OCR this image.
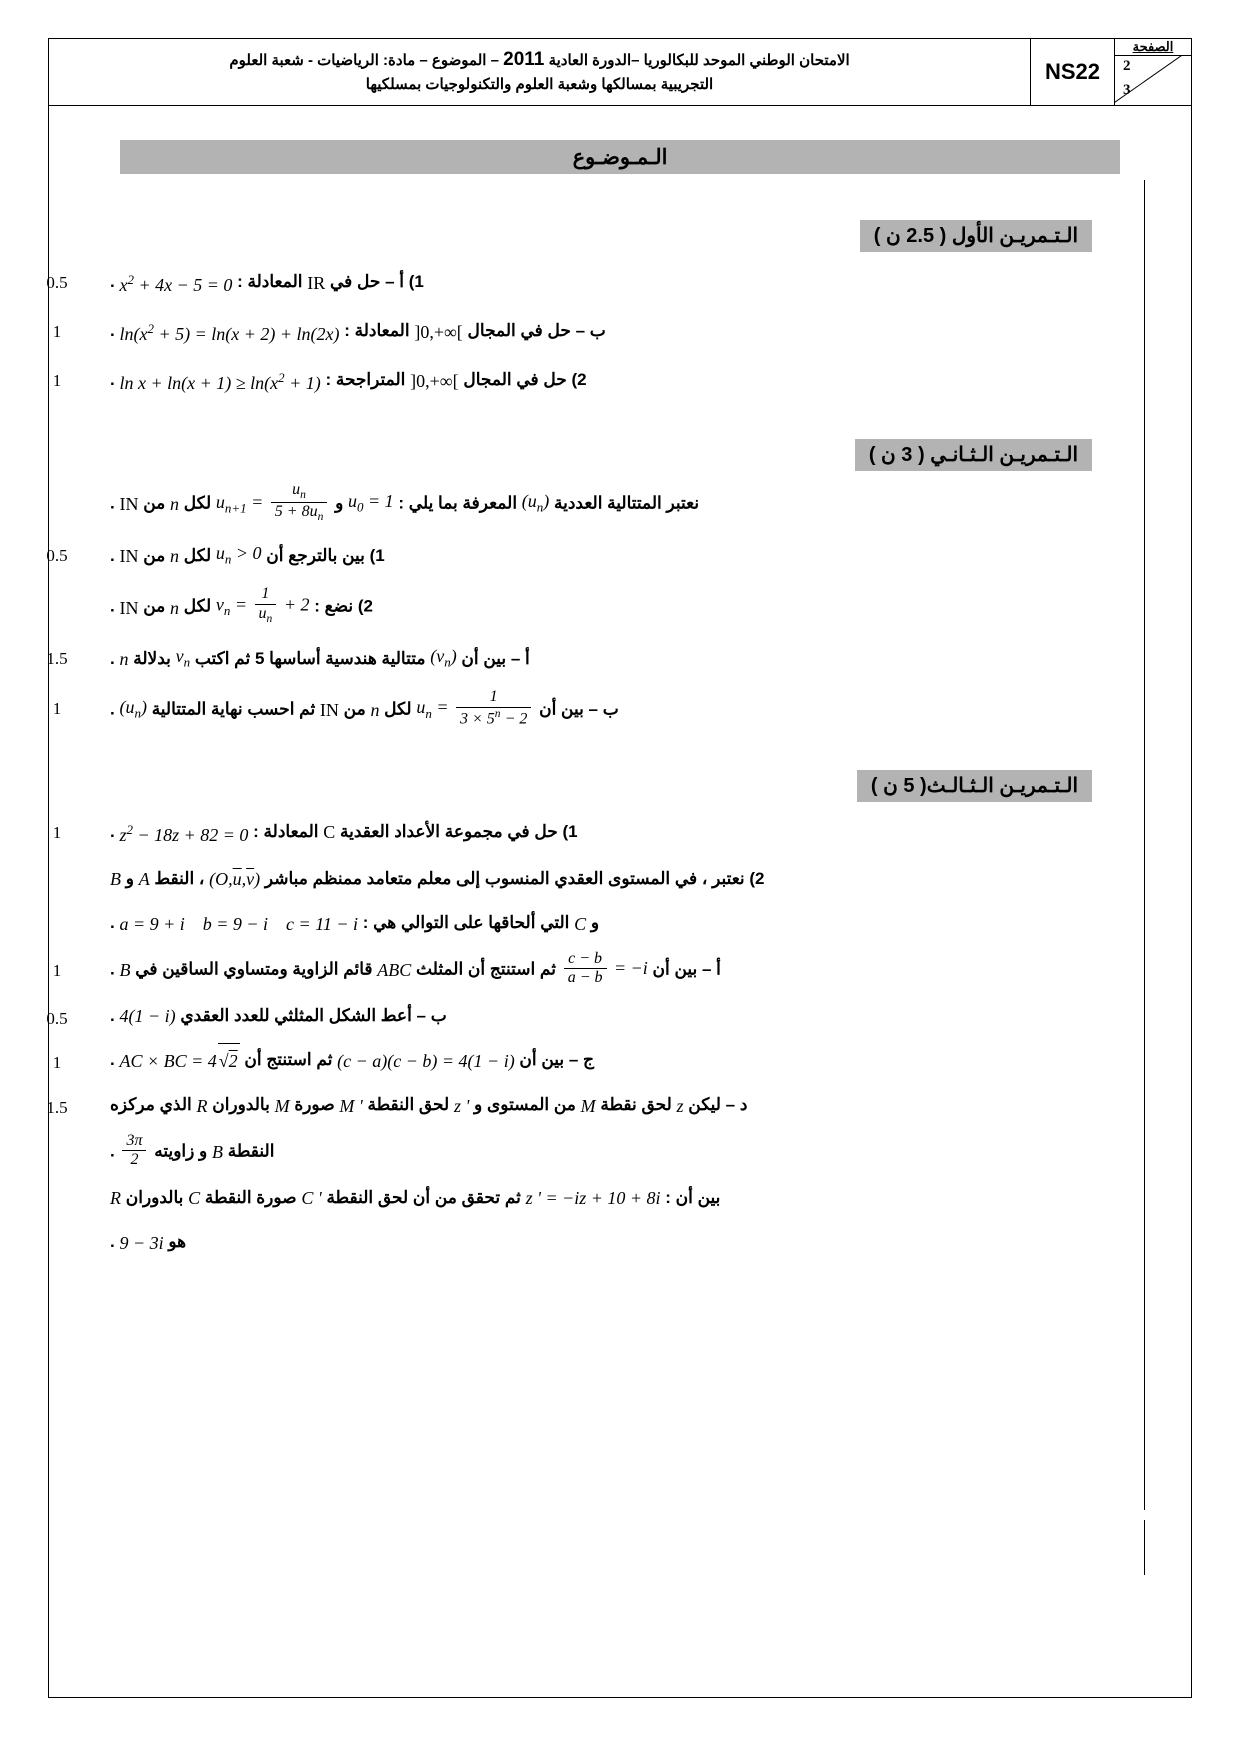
الصفحة
2
3
NS22
الامتحان الوطني الموحد للبكالوريا –الدورة العادية 2011 – الموضوع – مادة: الرياضيات - شعبة العلوم
التجريبية بمسالكها وشعبة العلوم والتكنولوجيات بمسلكيها
الـمـوضـوع
الـتـمريـن الأول ( 2.5 ن )
0.5	1) أ – حل في IR المعادلة : $x^2 + 4x - 5 = 0$ .
1	ب – حل في المجال ]0,+∞[ المعادلة : $\ln(x^2 + 5) = \ln(x + 2) + \ln(2x)$ .
1	2) حل في المجال ]0,+∞[ المتراجحة : $\ln x + \ln(x + 1) \ge \ln(x^2 + 1)$ .
الـتـمريـن الـثـانـي ( 3 ن )
نعتبر المتتالية العددية $(u_n)$ المعرفة بما يلي : $u_0 = 1$ و $u_{n+1} = \frac{u_n}{5 + 8u_n}$
لكل n من IN .
0.5	1) بين بالترجع أن $u_n > 0$ لكل n من IN .
2) نضع : $v_n = \frac{1}{u_n} + 2$ لكل n من IN .
1.5	أ – بين أن $(v_n)$ متتالية هندسية أساسها 5 ثم اكتب $v_n$ بدلالة n .
1	ب – بين أن $u_n = \frac{1}{3 \times 5^n - 2}$
لكل n من IN ثم احسب نهاية المتتالية $(u_n)$ .
الـتـمريـن الـثـالـث( 5 ن )
1	1) حل في مجموعة الأعداد العقدية C المعادلة : $z^2 - 18z + 82 = 0$ .
2) نعتبر ، في المستوى العقدي المنسوب إلى معلم متعامد ممنظم مباشر $(O,\overline{u},\overline{v})$ ، النقط A و B
و C التي ألحاقها على التوالي هي : a = 9 + i    b = 9 − i    c = 11 − i .
1	أ – بين أن
$\frac{c - b}{a - b} = -i$ ثم استنتج أن المثلث ABC قائم الزاوية ومتساوي الساقين في B .
0.5	ب – أعط الشكل المثلثي للعدد العقدي 4(1 − i) .
1	ج – بين أن (c − a)(c − b) = 4(1 − i) ثم استنتج أن AC × BC = 4 √2 .
1.5	د – ليكن z لحق نقطة M من المستوى و z ' لحق النقطة M ' صورة M بالدوران R الذي مركزه
النقطة B و زاويته
$\frac{3\pi}{2}$
.
بين أن : z ' = −iz + 10 + 8i ثم تحقق من أن لحق النقطة C ' صورة النقطة C بالدوران R
هو 9 − 3i .
